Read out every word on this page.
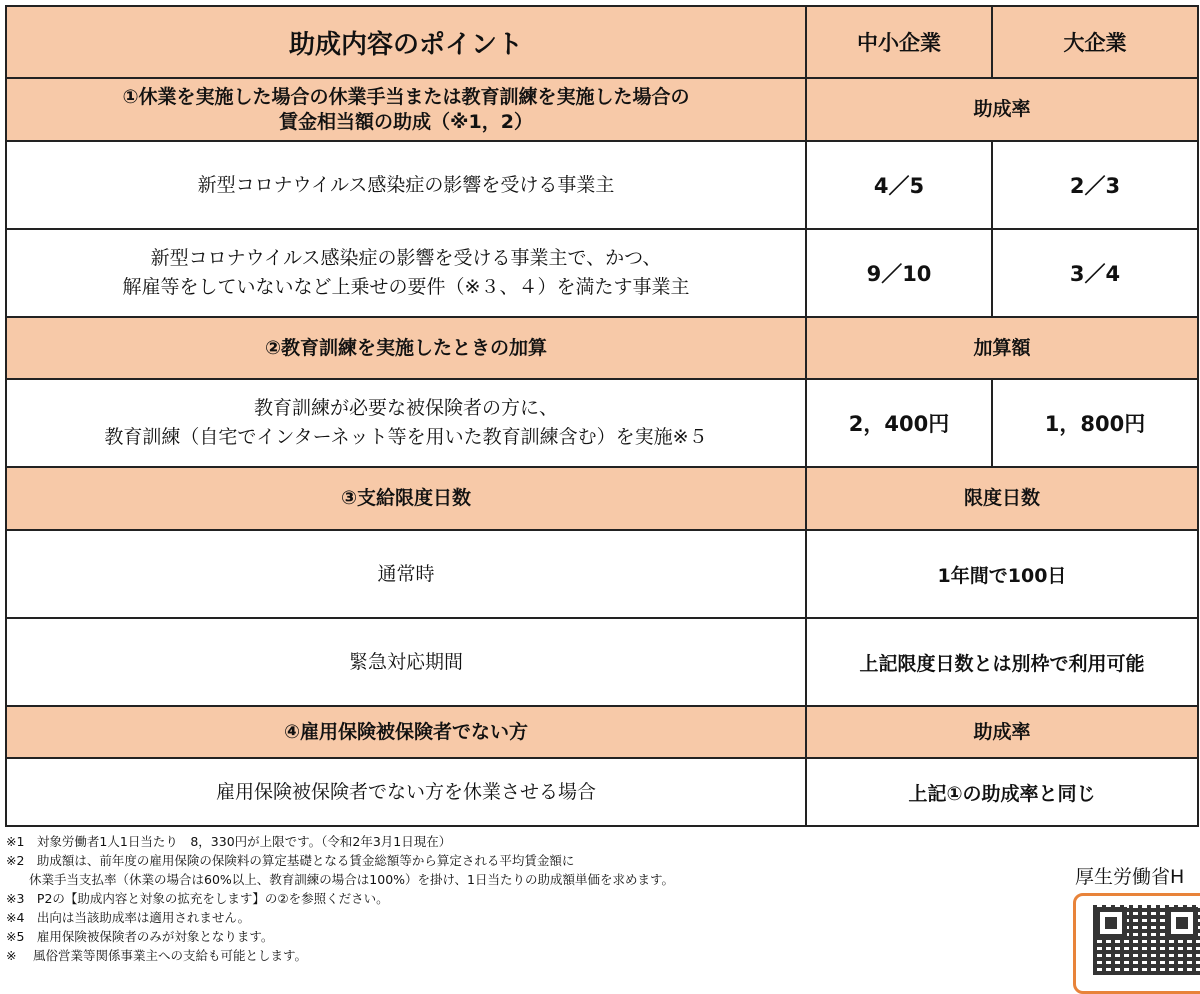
助成内容のポイント	中小企業	大企業

①休業を実施した場合の休業手当または教育訓練を実施した場合の
賃金相当額の助成（※1，2）	助成率	

新型コロナウイルス感染症の影響を受ける事業主	4／5	2／3

新型コロナウイルス感染症の影響を受ける事業主で、かつ、
解雇等をしていないなど上乗せの要件（※３、４）を満たす事業主	9／10	3／4
②教育訓練を実施したときの加算	加算額	

教育訓練が必要な被保険者の方に、
教育訓練（自宅でインターネット等を用いた教育訓練含む）を実施※５	2，400円	1，800円
③支給限度日数	限度日数	
通常時	1年間で100日	
緊急対応期間	上記限度日数とは別枠で利用可能	
④雇用保険被保険者でない方	助成率	
雇用保険被保険者でない方を休業させる場合	上記①の助成率と同じ	
※1　対象労働者1人1日当たり　8，330円が上限です。（令和2年3月1日現在）
※2　助成額は、前年度の雇用保険の保険料の算定基礎となる賃金総額等から算定される平均賃金額に
休業手当支払率（休業の場合は60%以上、教育訓練の場合は100%）を掛け、1日当たりの助成額単価を求めます。
※3　P2の【助成内容と対象の拡充をします】の②を参照ください。
※4　出向は当該助成率は適用されません。
※5　雇用保険被保険者のみが対象となります。
※　 風俗営業等関係事業主への支給も可能とします。
厚生労働省H
